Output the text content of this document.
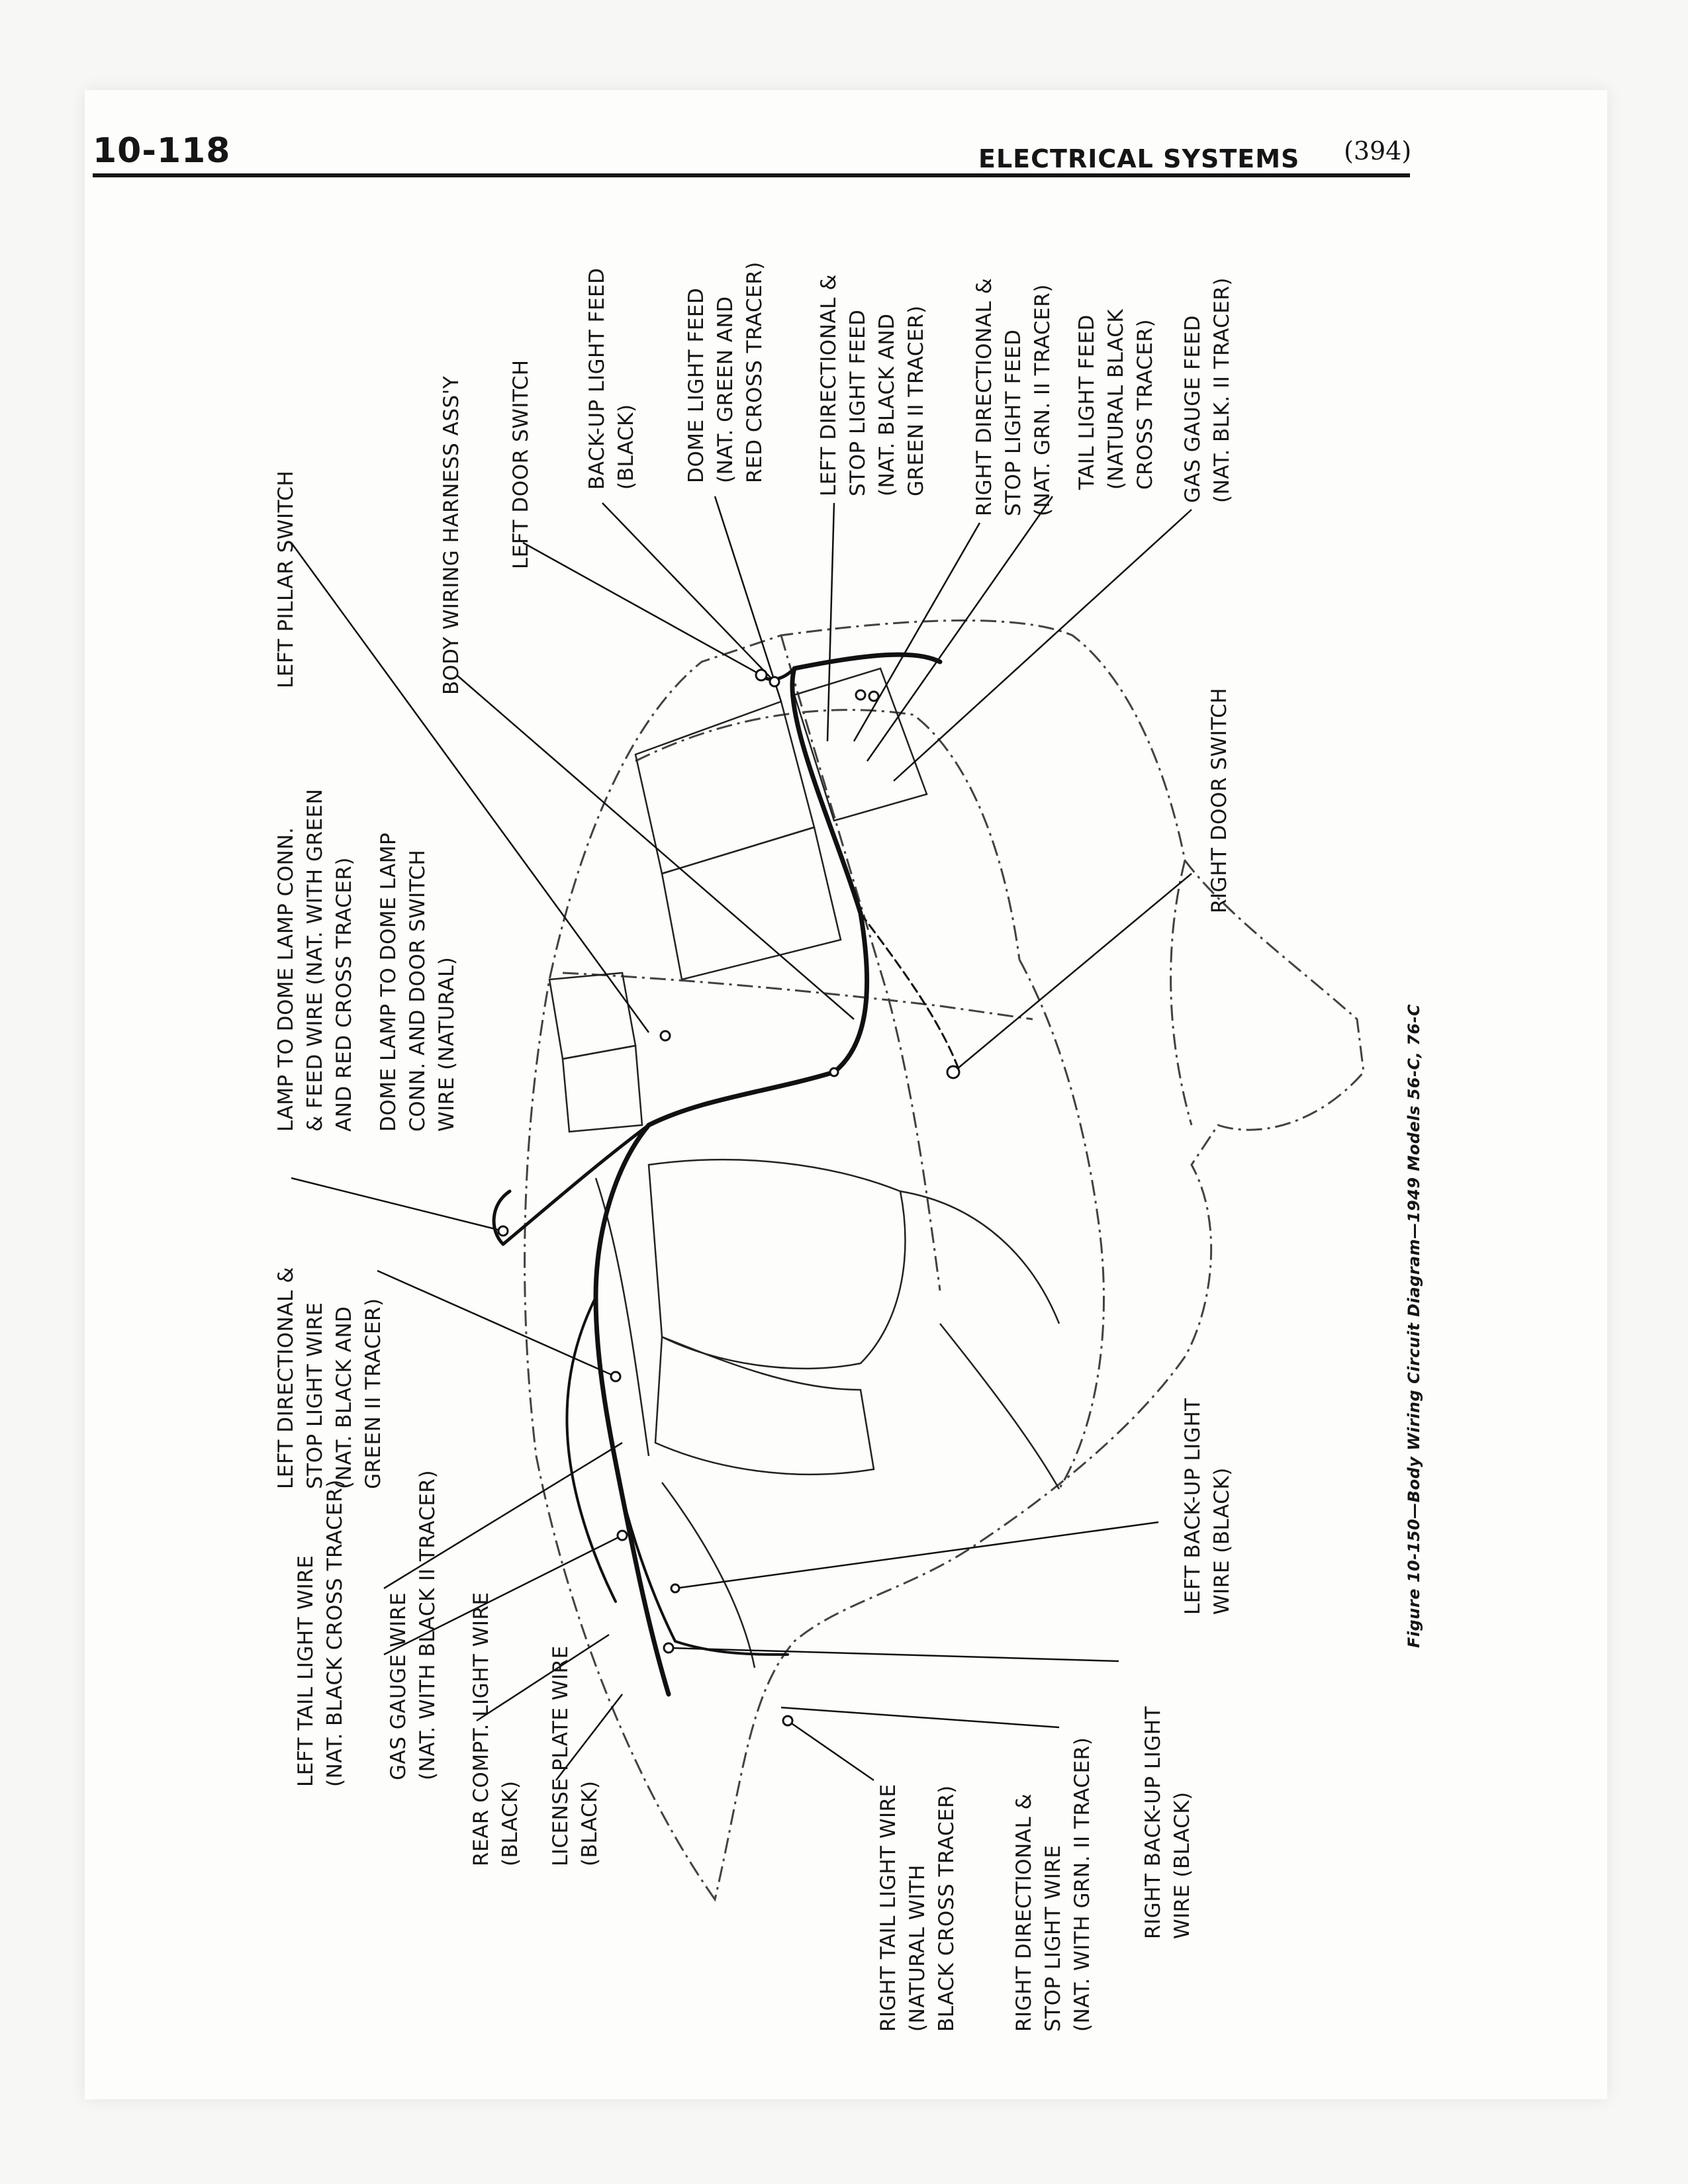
10-118	ELECTRICAL SYSTEMS (394)
LEFT TAIL LIGHT WIRE
(NAT. BLACK CROSS TRACER)
GAS GAUGE WIRE
(NAT. WITH BLACK II TRACER)
REAR COMPT. LIGHT WIRE
(BLACK) LICENSE PLATE WIRE
(BLACK)
LEFT DIRECTIONAL &
STOP LIGHT WIRE
(NAT. BLACK AND
GREEN II TRACER)
LAMP TO DOME LAMP CONN.
& FEED WIRE (NAT. WITH GREEN
AND RED CROSS TRACER)
DOME LAMP TO DOME LAMP
CONN. AND DOOR SWITCH
WIRE (NATURAL)
LEFT PILLAR SWITCH	BODY WIRING HARNESS ASS'Y LEFT DOOR SWITCH	BACK-UP LIGHT FEED
(BLACK) DOME LIGHT FEED
(NAT. GREEN AND
RED CROSS TRACER)
LEFT DIRECTIONAL &
STOP LIGHT FEED
(NAT. BLACK AND
GREEN II TRACER)
RIGHT DIRECTIONAL &
STOP LIGHT FEED
(NAT. GRN. II TRACER)
TAIL LIGHT FEED
(NATURAL BLACK
CROSS TRACER)
GAS GAUGE FEED
(NAT. BLK. II TRACER)
RIGHT DOOR SWITCH
LEFT BACK-UP LIGHT
WIRE (BLACK)
RIGHT TAIL LIGHT WIRE
(NATURAL WITH
BLACK CROSS TRACER)
RIGHT DIRECTIONAL &
STOP LIGHT WIRE
(NAT. WITH GRN. II TRACER)
RIGHT BACK-UP LIGHT
WIRE (BLACK)
Figure 10-150—Body Wiring Circuit Diagram—1949 Models 56-C, 76-C
